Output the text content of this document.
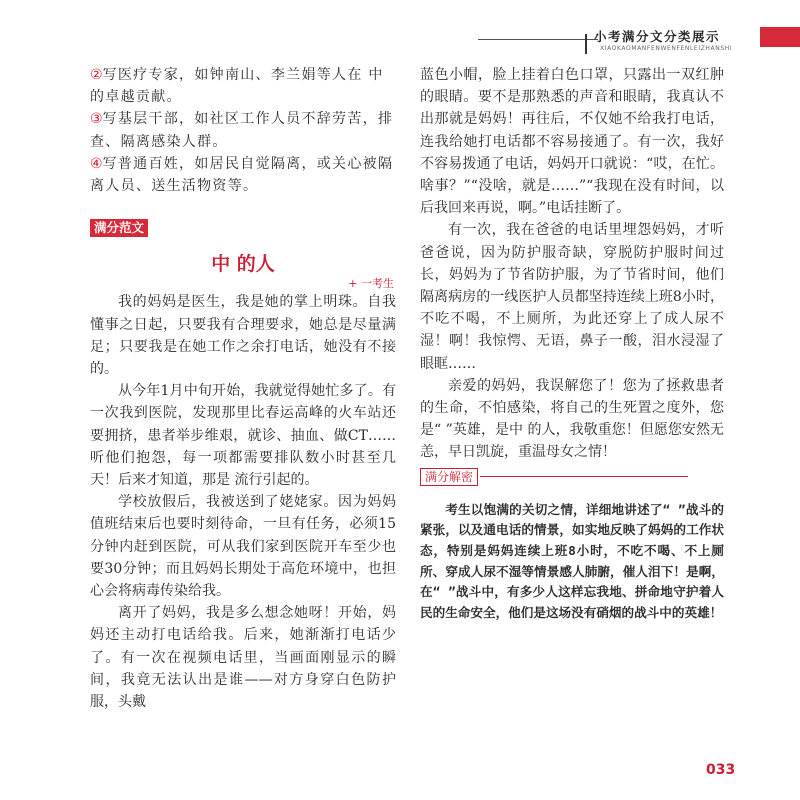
小考满分文分类展示
XIAOKAOMANFENWENFENLEIZHANSHI

②写医疗专家，如钟南山、李兰娟等人在 中的卓越贡献。

③写基层干部，如社区工作人员不辞劳苦，排查、隔离感染人群。

④写普通百姓，如居民自觉隔离，或关心被隔离人员、送生活物资等。

满分范文
中 的人
+ 一考生

我的妈妈是医生，我是她的掌上明珠。自我懂事之日起，只要我有合理要求，她总是尽量满足；只要我是在她工作之余打电话，她没有不接的。

从今年1月中旬开始，我就觉得她忙多了。有一次我到医院，发现那里比春运高峰的火车站还要拥挤，患者举步维艰，就诊、抽血、做CT……听他们抱怨，每一项都需要排队数小时甚至几天！后来才知道，那是 流行引起的。

学校放假后，我被送到了姥姥家。因为妈妈值班结束后也要时刻待命，一旦有任务，必须15分钟内赶到医院，可从我们家到医院开车至少也要30分钟；而且妈妈长期处于高危环境中，也担心会将病毒传染给我。

离开了妈妈，我是多么想念她呀！开始，妈妈还主动打电话给我。后来，她渐渐打电话少了。有一次在视频电话里，当画面刚显示的瞬间，我竟无法认出是谁——对方身穿白色防护服，头戴

蓝色小帽，脸上挂着白色口罩，只露出一双红肿的眼睛。要不是那熟悉的声音和眼睛，我真认不出那就是妈妈！再往后，不仅她不给我打电话，连我给她打电话都不容易接通了。有一次，我好不容易拨通了电话，妈妈开口就说：“哎，在忙。啥事？”“没啥，就是……”“我现在没有时间，以后我回来再说，啊。”电话挂断了。

有一次，我在爸爸的电话里埋怨妈妈，才听爸爸说，因为防护服奇缺，穿脱防护服时间过长，妈妈为了节省防护服，为了节省时间，他们隔离病房的一线医护人员都坚持连续上班8小时，不吃不喝，不上厕所，为此还穿上了成人尿不湿！啊！我惊愕、无语，鼻子一酸，泪水浸湿了眼眶……

亲爱的妈妈，我误解您了！您为了拯救患者的生命，不怕感染，将自己的生死置之度外，您是“ ”英雄，是中 的人，我敬重您！但愿您安然无恙，早日凯旋，重温母女之情！

满分解密

考生以饱满的关切之情，详细地讲述了“ ”战斗的紧张，以及通电话的情景，如实地反映了妈妈的工作状态，特别是妈妈连续上班8小时，不吃不喝、不上厕所、穿成人尿不湿等情景感人肺腑，催人泪下！是啊，在“ ”战斗中，有多少人这样忘我地、拼命地守护着人民的生命安全，他们是这场没有硝烟的战斗中的英雄！

033
